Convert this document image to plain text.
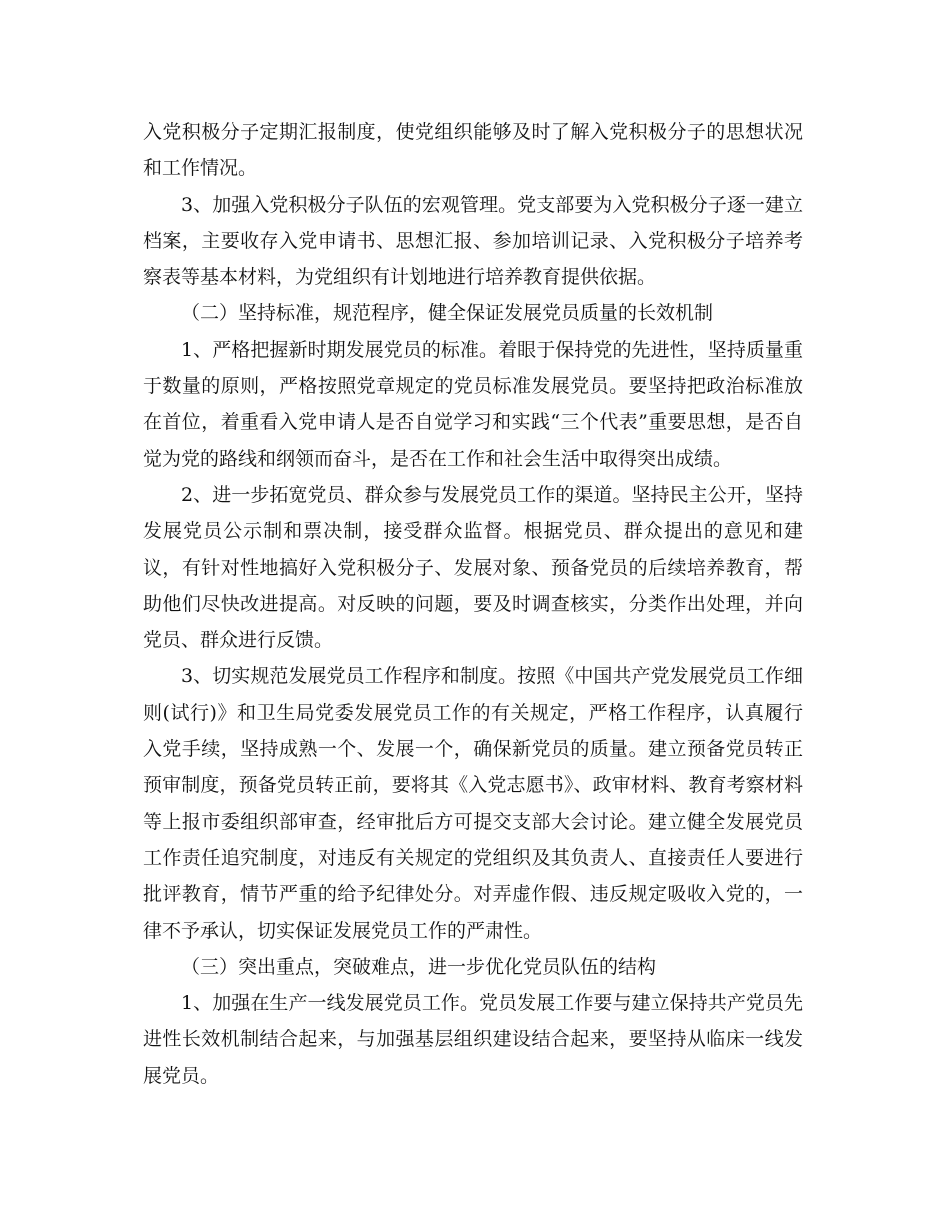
入党积极分子定期汇报制度，使党组织能够及时了解入党积极分子的思想状况和工作情况。

3、加强入党积极分子队伍的宏观管理。党支部要为入党积极分子逐一建立档案，主要收存入党申请书、思想汇报、参加培训记录、入党积极分子培养考察表等基本材料，为党组织有计划地进行培养教育提供依据。

（二）坚持标准，规范程序，健全保证发展党员质量的长效机制

1、严格把握新时期发展党员的标准。着眼于保持党的先进性，坚持质量重于数量的原则，严格按照党章规定的党员标准发展党员。要坚持把政治标准放在首位，着重看入党申请人是否自觉学习和实践“三个代表”重要思想，是否自觉为党的路线和纲领而奋斗，是否在工作和社会生活中取得突出成绩。

2、进一步拓宽党员、群众参与发展党员工作的渠道。坚持民主公开，坚持发展党员公示制和票决制，接受群众监督。根据党员、群众提出的意见和建议，有针对性地搞好入党积极分子、发展对象、预备党员的后续培养教育，帮助他们尽快改进提高。对反映的问题，要及时调查核实，分类作出处理，并向党员、群众进行反馈。

3、切实规范发展党员工作程序和制度。按照《中国共产党发展党员工作细则(试行)》和卫生局党委发展党员工作的有关规定，严格工作程序，认真履行入党手续，坚持成熟一个、发展一个，确保新党员的质量。建立预备党员转正预审制度，预备党员转正前，要将其《入党志愿书》、政审材料、教育考察材料等上报市委组织部审查，经审批后方可提交支部大会讨论。建立健全发展党员工作责任追究制度，对违反有关规定的党组织及其负责人、直接责任人要进行批评教育，情节严重的给予纪律处分。对弄虚作假、违反规定吸收入党的，一律不予承认，切实保证发展党员工作的严肃性。

（三）突出重点，突破难点，进一步优化党员队伍的结构

1、加强在生产一线发展党员工作。党员发展工作要与建立保持共产党员先进性长效机制结合起来，与加强基层组织建设结合起来，要坚持从临床一线发展党员。
